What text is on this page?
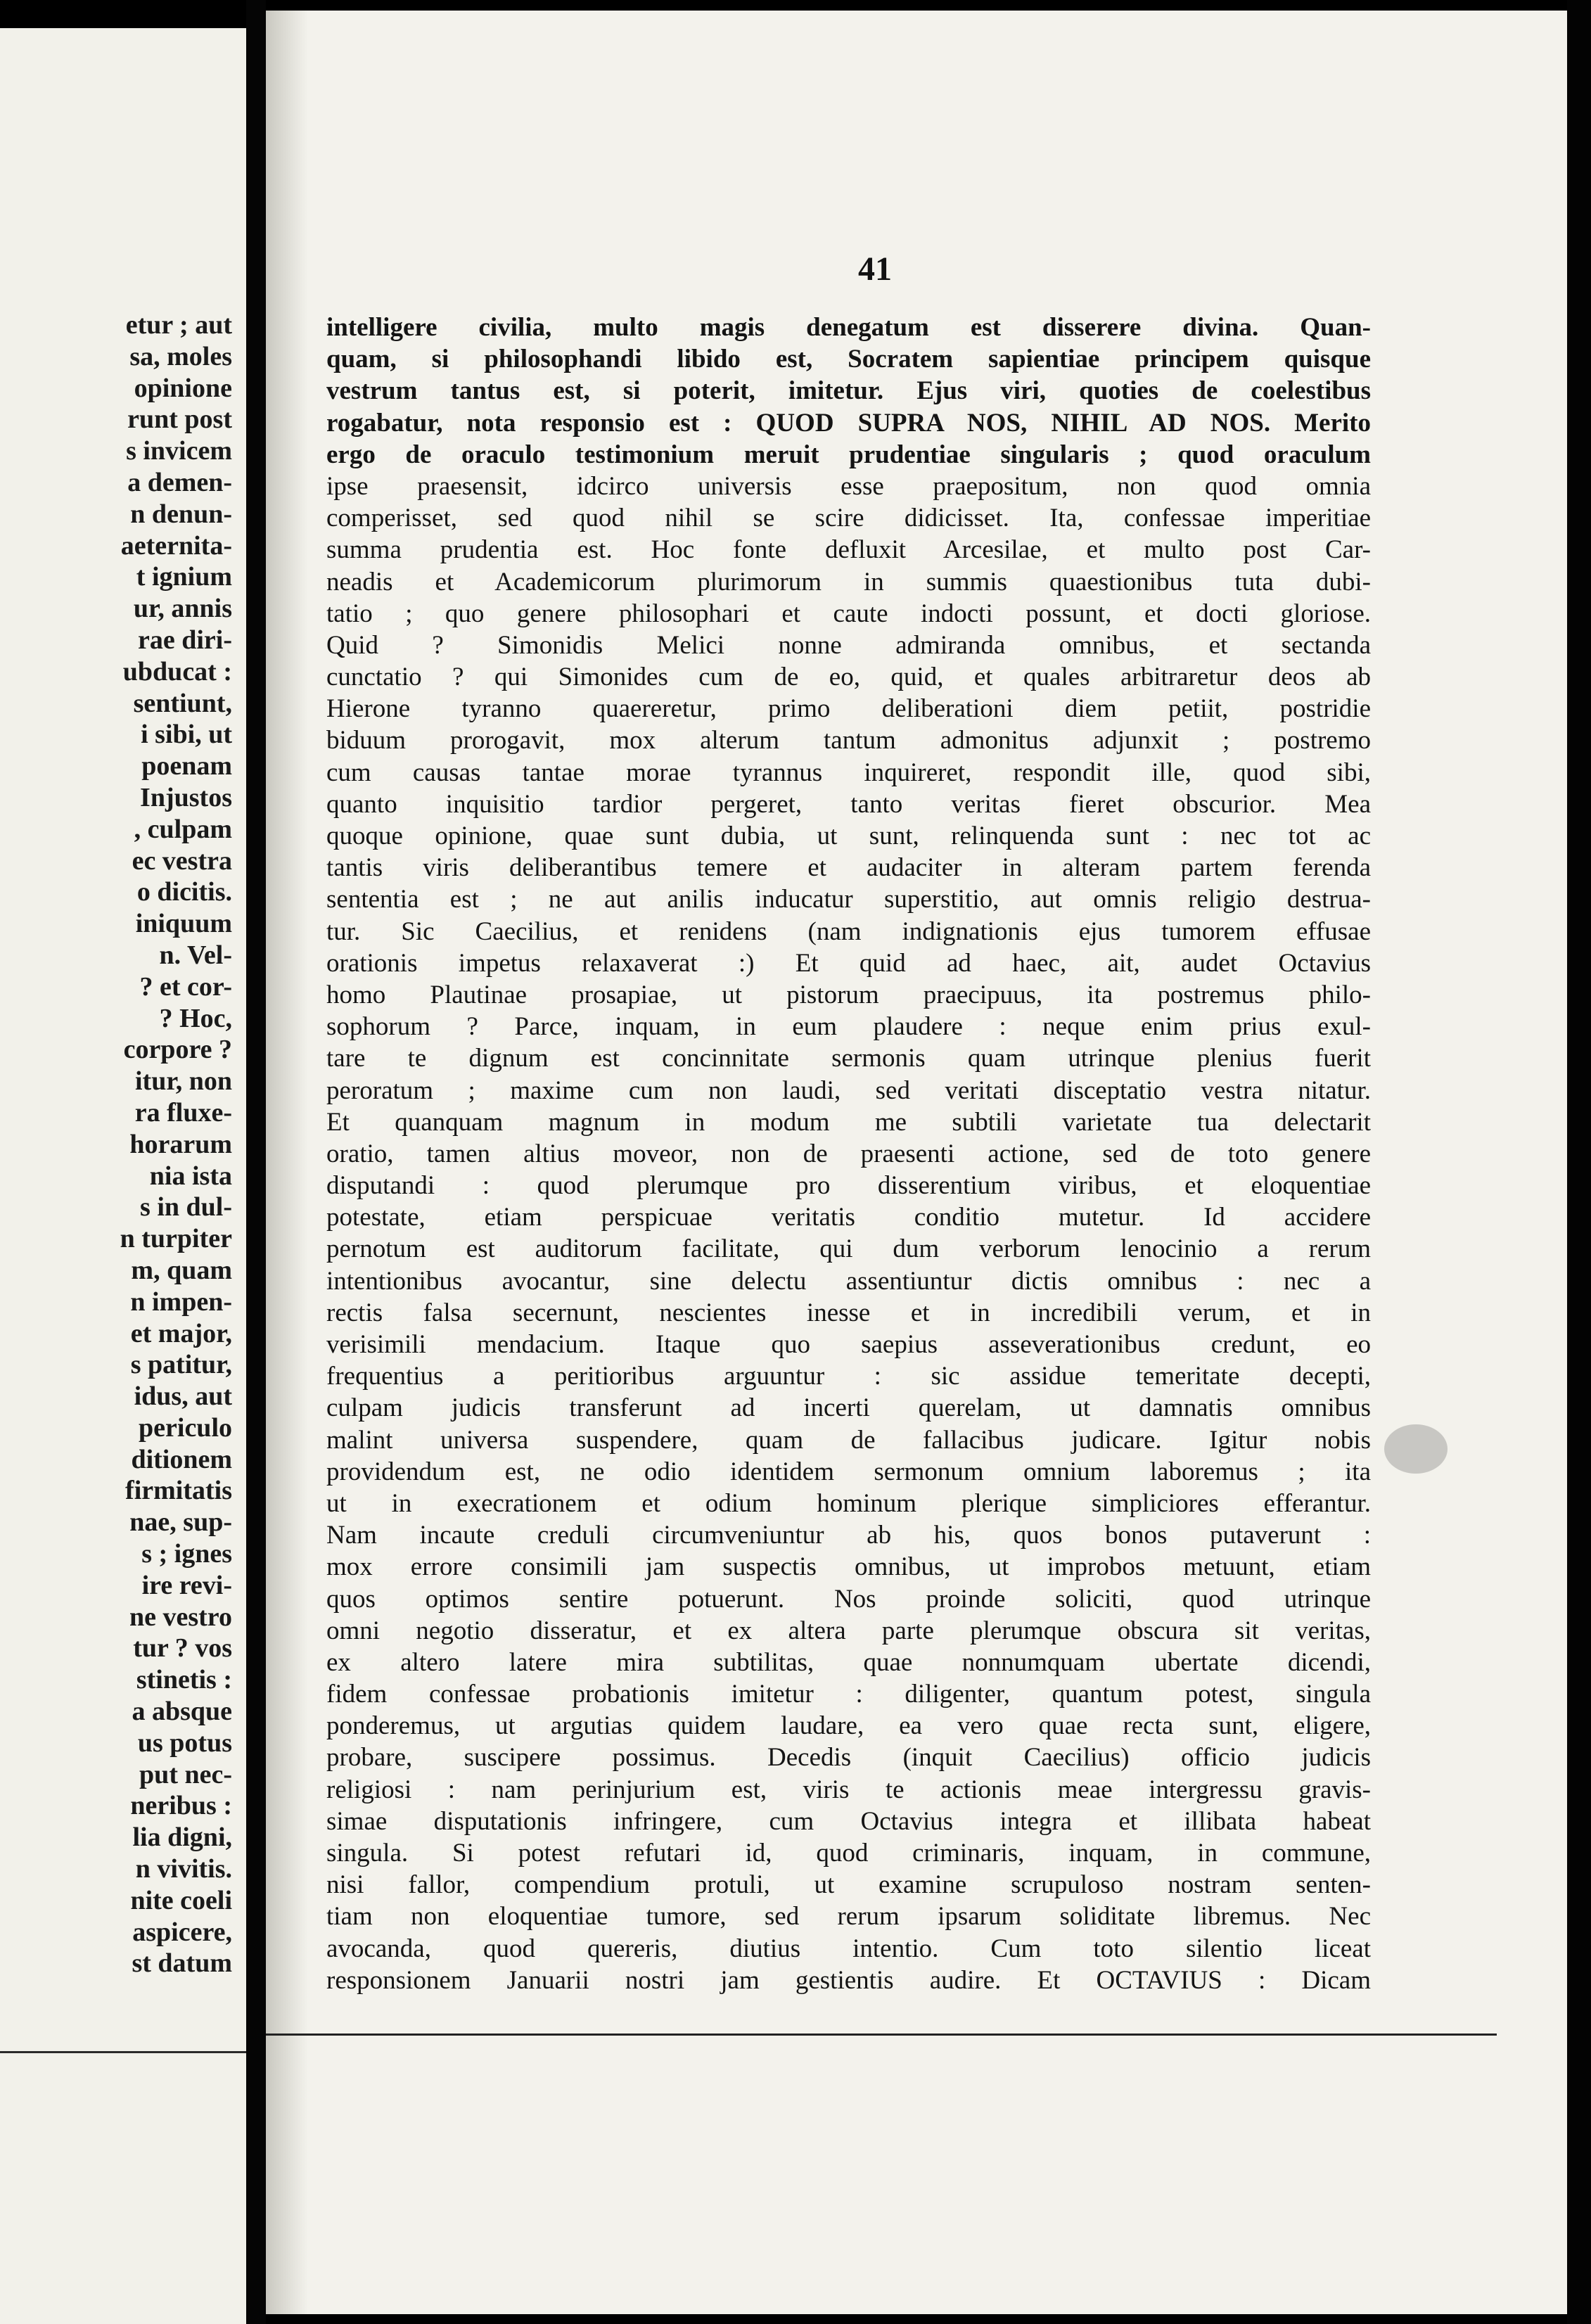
etur ; aut
sa, moles
opinione
runt post
s invicem
a demen-
n denun-
aeternita-
t ignium
ur, annis
rae diri-
ubducat :
sentiunt,
i sibi, ut
poenam
Injustos
, culpam
ec vestra
o dicitis.
iniquum
n. Vel-
? et cor-
? Hoc,
corpore ?
itur, non
ra fluxe-
horarum
nia ista
s in dul-
n turpiter
m, quam
n impen-
et major,
s patitur,
idus, aut
periculo
ditionem
firmitatis
nae, sup-
s ; ignes
ire revi-
ne vestro
tur ? vos
stinetis :
a absque
us potus
put nec-
neribus :
lia digni,
n vivitis.
nite coeli
aspicere,
st datum
41
intelligere civilia, multo magis denegatum est disserere divina. Quan-
quam, si philosophandi libido est, Socratem sapientiae principem quisque
vestrum tantus est, si poterit, imitetur. Ejus viri, quoties de coelestibus
rogabatur, nota responsio est : QUOD SUPRA NOS, NIHIL AD NOS. Merito
ergo de oraculo testimonium meruit prudentiae singularis ; quod oraculum
ipse praesensit, idcirco universis esse praepositum, non quod omnia
comperisset, sed quod nihil se scire didicisset. Ita, confessae imperitiae
summa prudentia est. Hoc fonte defluxit Arcesilae, et multo post Car-
neadis et Academicorum plurimorum in summis quaestionibus tuta dubi-
tatio ; quo genere philosophari et caute indocti possunt, et docti gloriose.
Quid ? Simonidis Melici nonne admiranda omnibus, et sectanda
cunctatio ? qui Simonides cum de eo, quid, et quales arbitraretur deos ab
Hierone tyranno quaereretur, primo deliberationi diem petiit, postridie
biduum prorogavit, mox alterum tantum admonitus adjunxit ; postremo
cum causas tantae morae tyrannus inquireret, respondit ille, quod sibi,
quanto inquisitio tardior pergeret, tanto veritas fieret obscurior. Mea
quoque opinione, quae sunt dubia, ut sunt, relinquenda sunt : nec tot ac
tantis viris deliberantibus temere et audaciter in alteram partem ferenda
sententia est ; ne aut anilis inducatur superstitio, aut omnis religio destrua-
tur. Sic Caecilius, et renidens (nam indignationis ejus tumorem effusae
orationis impetus relaxaverat :) Et quid ad haec, ait, audet Octavius
homo Plautinae prosapiae, ut pistorum praecipuus, ita postremus philo-
sophorum ? Parce, inquam, in eum plaudere : neque enim prius exul-
tare te dignum est concinnitate sermonis quam utrinque plenius fuerit
peroratum ; maxime cum non laudi, sed veritati disceptatio vestra nitatur.
Et quanquam magnum in modum me subtili varietate tua delectarit
oratio, tamen altius moveor, non de praesenti actione, sed de toto genere
disputandi : quod plerumque pro disserentium viribus, et eloquentiae
potestate, etiam perspicuae veritatis conditio mutetur. Id accidere
pernotum est auditorum facilitate, qui dum verborum lenocinio a rerum
intentionibus avocantur, sine delectu assentiuntur dictis omnibus : nec a
rectis falsa secernunt, nescientes inesse et in incredibili verum, et in
verisimili mendacium. Itaque quo saepius asseverationibus credunt, eo
frequentius a peritioribus arguuntur : sic assidue temeritate decepti,
culpam judicis transferunt ad incerti querelam, ut damnatis omnibus
malint universa suspendere, quam de fallacibus judicare. Igitur nobis
providendum est, ne odio identidem sermonum omnium laboremus ; ita
ut in execrationem et odium hominum plerique simpliciores efferantur.
Nam incaute creduli circumveniuntur ab his, quos bonos putaverunt :
mox errore consimili jam suspectis omnibus, ut improbos metuunt, etiam
quos optimos sentire potuerunt. Nos proinde soliciti, quod utrinque
omni negotio disseratur, et ex altera parte plerumque obscura sit veritas,
ex altero latere mira subtilitas, quae nonnumquam ubertate dicendi,
fidem confessae probationis imitetur : diligenter, quantum potest, singula
ponderemus, ut argutias quidem laudare, ea vero quae recta sunt, eligere,
probare, suscipere possimus. Decedis (inquit Caecilius) officio judicis
religiosi : nam perinjurium est, viris te actionis meae intergressu gravis-
simae disputationis infringere, cum Octavius integra et illibata habeat
singula. Si potest refutari id, quod criminaris, inquam, in commune,
nisi fallor, compendium protuli, ut examine scrupuloso nostram senten-
tiam non eloquentiae tumore, sed rerum ipsarum soliditate libremus. Nec
avocanda, quod quereris, diutius intentio. Cum toto silentio liceat
responsionem Januarii nostri jam gestientis audire. Et OCTAVIUS : Dicam
